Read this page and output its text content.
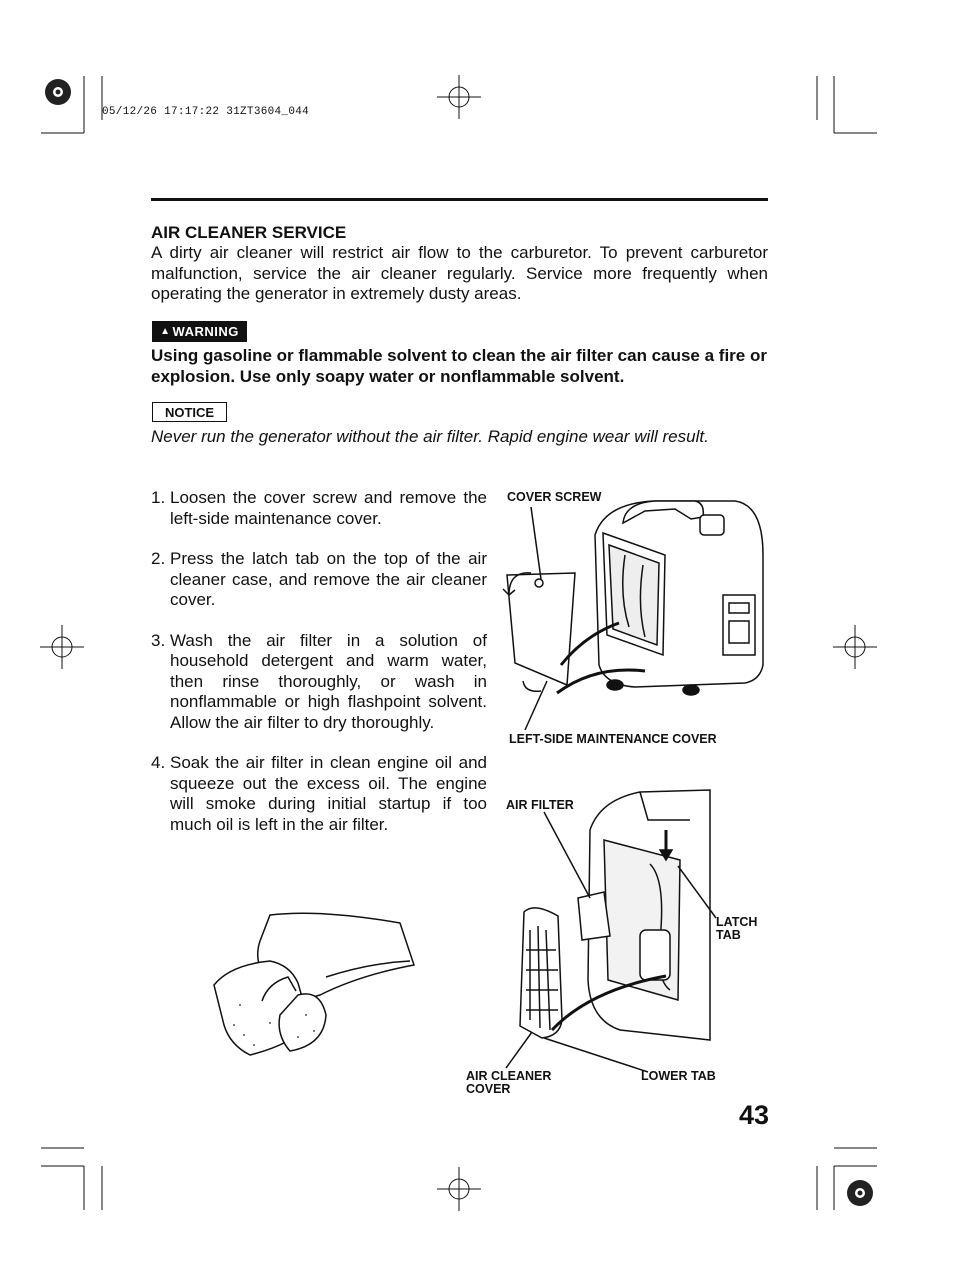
05/12/26 17:17:22 31ZT3604_044
AIR CLEANER SERVICE
A dirty air cleaner will restrict air flow to the carburetor. To prevent carburetor malfunction, service the air cleaner regularly. Service more frequently when operating the generator in extremely dusty areas.
▲ WARNING
Using gasoline or flammable solvent to clean the air filter can cause a fire or explosion. Use only soapy water or nonflammable solvent.
NOTICE
Never run the generator without the air filter. Rapid engine wear will result.
1. Loosen the cover screw and remove the left-side maintenance cover.
2. Press the latch tab on the top of the air cleaner case, and remove the air cleaner cover.
3. Wash the air filter in a solution of household detergent and warm water, then rinse thoroughly, or wash in nonflammable or high flashpoint solvent. Allow the air filter to dry thoroughly.
4. Soak the air filter in clean engine oil and squeeze out the excess oil. The engine will smoke during initial startup if too much oil is left in the air filter.
COVER SCREW
LEFT-SIDE MAINTENANCE COVER
AIR FILTER
LATCH
TAB
AIR CLEANER
COVER
LOWER TAB
43
